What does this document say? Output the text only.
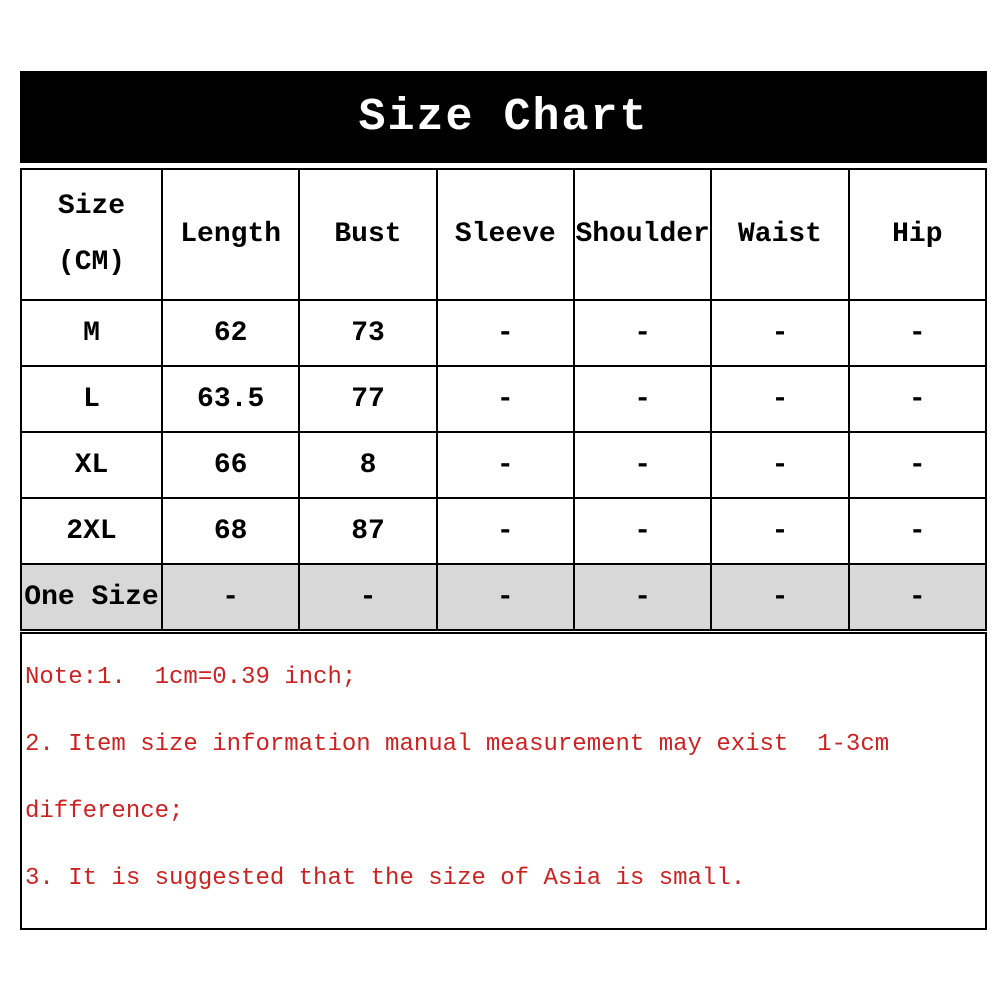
Size Chart
Size
(CM)	Length	Bust	Sleeve	Shoulder	Waist	Hip
M	62	73	-	-	-	-
L	63.5	77	-	-	-	-
XL	66	8	-	-	-	-
2XL	68	87	-	-	-	-
One Size	-	-	-	-	-	-
Note:1.  1cm=0.39 inch;
2. Item size information manual measurement may exist  1-3cm
difference;
3. It is suggested that the size of Asia is small.
